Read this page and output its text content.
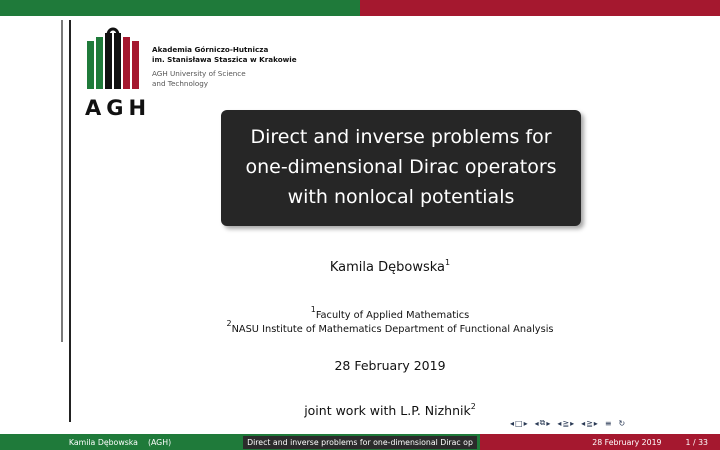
AGH
Akademia Górniczo-Hutnicza
im. Stanisława Staszica w Krakowie
AGH University of Science
and Technology
Direct and inverse problems for
one-dimensional Dirac operators
with nonlocal potentials
Kamila Dębowska$^1$
$^1$Faculty of Applied Mathematics
$^2$NASU Institute of Mathematics Department of Functional Analysis
28 February 2019
joint work with L.P. Nizhnik$^2$
◂ □ ▸ ◂ ⧉ ▸ ◂ ≧ ▸ ◂ ≧ ▸ ≡ ↻
Kamila Dębowska (AGH)	Direct and inverse problems for one-dimensional Dirac op	28 February 2019	1 / 33
